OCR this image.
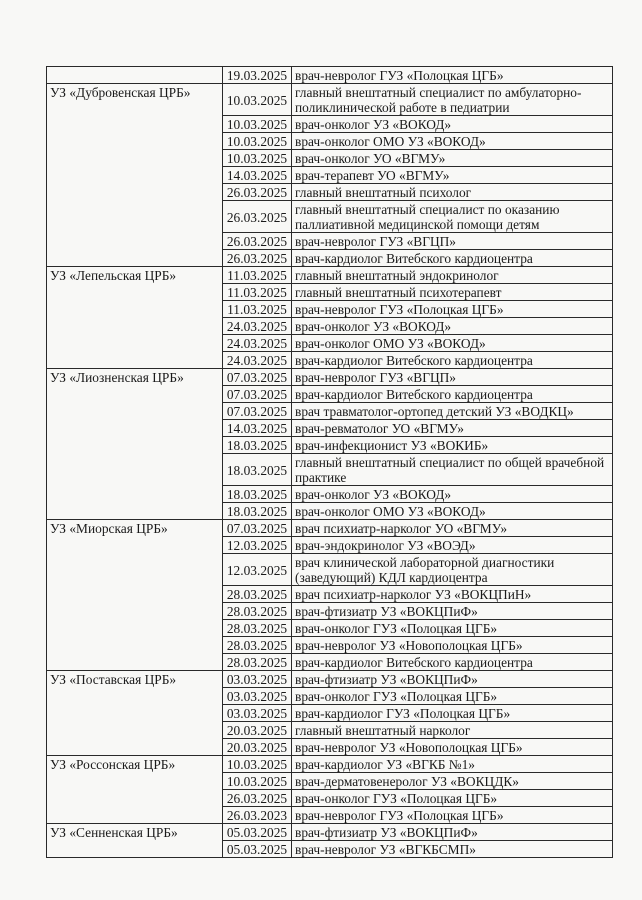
	19.03.2025	врач-невролог ГУЗ «Полоцкая ЦГБ»
УЗ «Дубровенская ЦРБ»	10.03.2025	главный внештатный специалист по амбулаторно-поликлинической работе в педиатрии
	10.03.2025	врач-онколог УЗ «ВОКОД»
	10.03.2025	врач-онколог ОМО УЗ «ВОКОД»
	10.03.2025	врач-онколог УО «ВГМУ»
	14.03.2025	врач-терапевт УО «ВГМУ»
	26.03.2025	главный внештатный психолог
	26.03.2025	главный внештатный специалист по оказанию паллиативной медицинской помощи детям
	26.03.2025	врач-невролог ГУЗ «ВГЦП»
	26.03.2025	врач-кардиолог Витебского кардиоцентра
УЗ «Лепельская ЦРБ»	11.03.2025	главный внештатный эндокринолог
	11.03.2025	главный внештатный психотерапевт
	11.03.2025	врач-невролог ГУЗ «Полоцкая ЦГБ»
	24.03.2025	врач-онколог УЗ «ВОКОД»
	24.03.2025	врач-онколог ОМО УЗ «ВОКОД»
	24.03.2025	врач-кардиолог Витебского кардиоцентра
УЗ «Лиозненская ЦРБ»	07.03.2025	врач-невролог ГУЗ «ВГЦП»
	07.03.2025	врач-кардиолог Витебского кардиоцентра
	07.03.2025	врач травматолог-ортопед детский УЗ «ВОДКЦ»
	14.03.2025	врач-ревматолог УО «ВГМУ»
	18.03.2025	врач-инфекционист УЗ «ВОКИБ»
	18.03.2025	главный внештатный специалист по общей врачебной практике
	18.03.2025	врач-онколог УЗ «ВОКОД»
	18.03.2025	врач-онколог ОМО УЗ «ВОКОД»
УЗ «Миорская ЦРБ»	07.03.2025	врач психиатр-нарколог УО «ВГМУ»
	12.03.2025	врач-эндокринолог УЗ «ВОЭД»
	12.03.2025	врач клинической лабораторной диагностики (заведующий) КДЛ кардиоцентра
	28.03.2025	врач психиатр-нарколог УЗ «ВОКЦПиН»
	28.03.2025	врач-фтизиатр УЗ «ВОКЦПиФ»
	28.03.2025	врач-онколог ГУЗ «Полоцкая ЦГБ»
	28.03.2025	врач-невролог УЗ «Новополоцкая ЦГБ»
	28.03.2025	врач-кардиолог Витебского кардиоцентра
УЗ «Поставская ЦРБ»	03.03.2025	врач-фтизиатр УЗ «ВОКЦПиФ»
	03.03.2025	врач-онколог ГУЗ «Полоцкая ЦГБ»
	03.03.2025	врач-кардиолог ГУЗ «Полоцкая ЦГБ»
	20.03.2025	главный внештатный нарколог
	20.03.2025	врач-невролог УЗ «Новополоцкая ЦГБ»
УЗ «Россонская ЦРБ»	10.03.2025	врач-кардиолог УЗ «ВГКБ №1»
	10.03.2025	врач-дерматовенеролог УЗ «ВОКЦДК»
	26.03.2025	врач-онколог ГУЗ «Полоцкая ЦГБ»
	26.03.2023	врач-невролог ГУЗ «Полоцкая ЦГБ»
УЗ «Сенненская ЦРБ»	05.03.2025	врач-фтизиатр УЗ «ВОКЦПиФ»
	05.03.2025	врач-невролог УЗ «ВГКБСМП»
